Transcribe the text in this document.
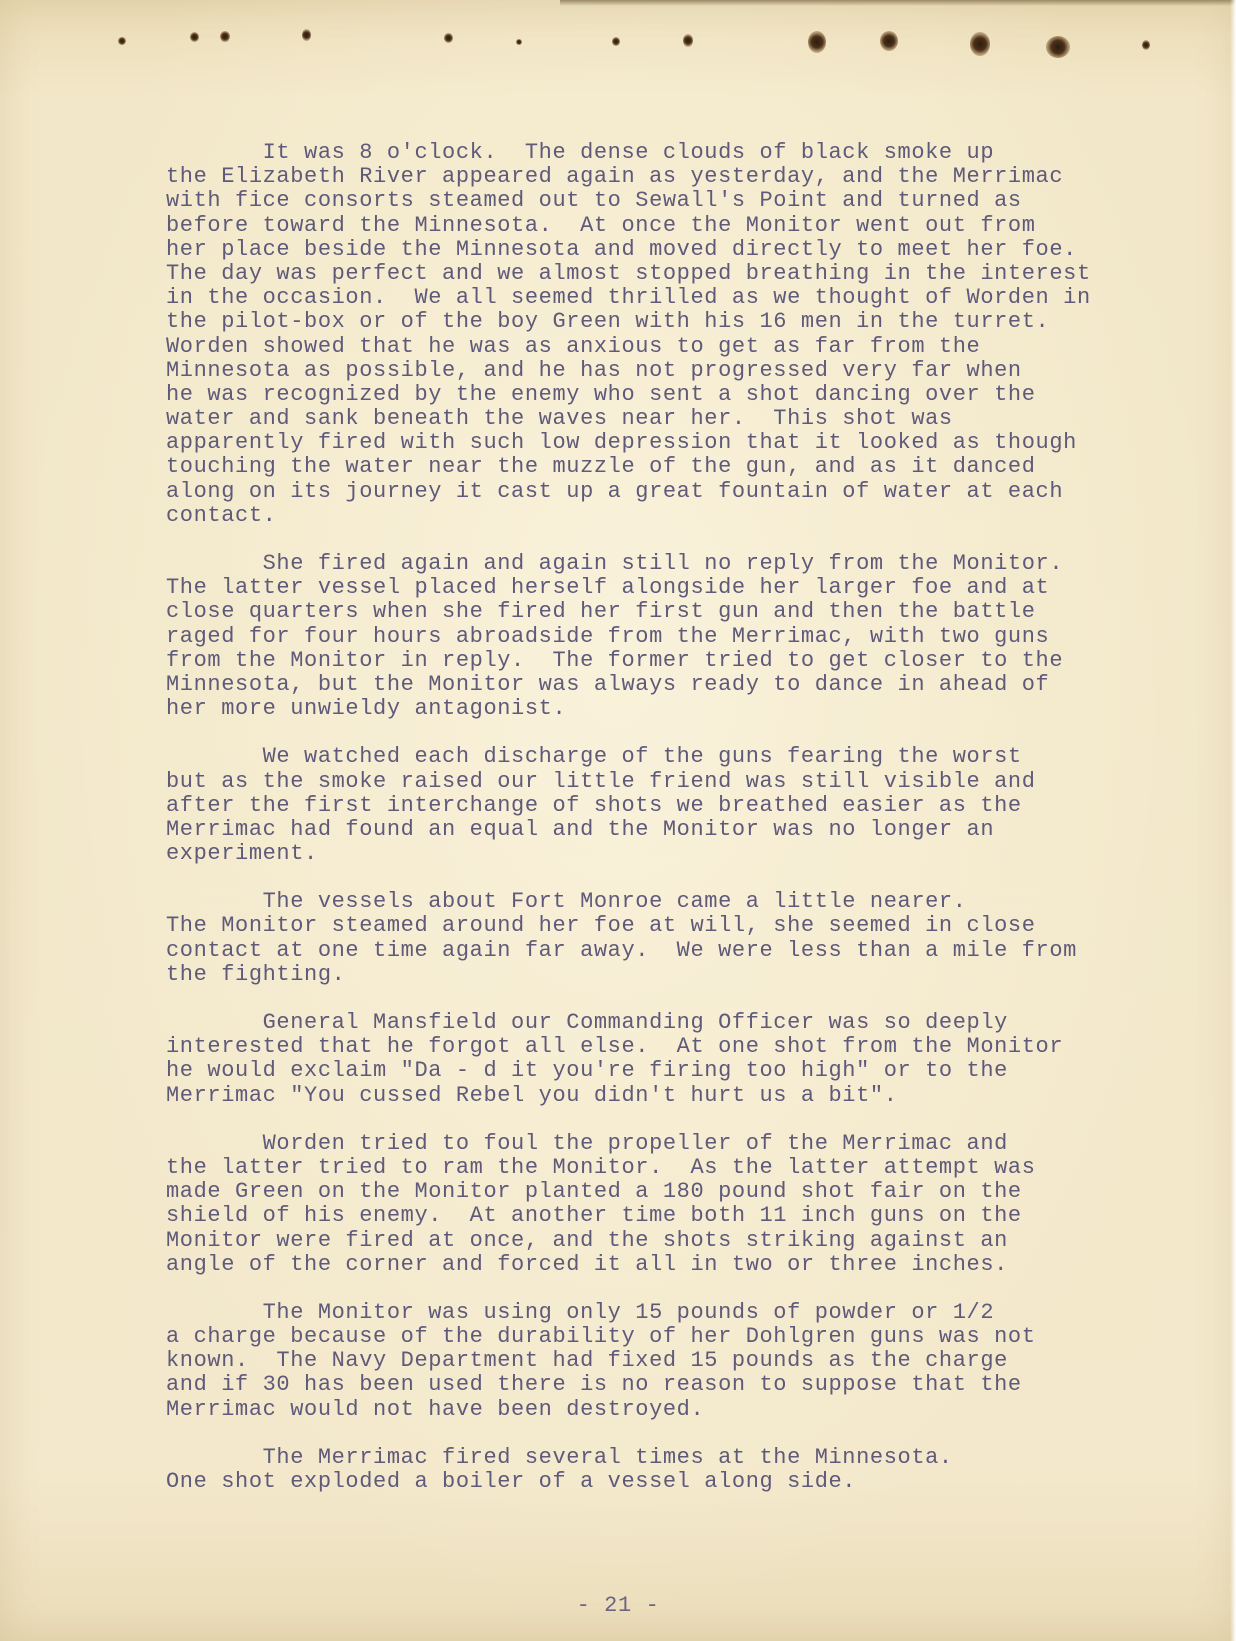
It was 8 o'clock.  The dense clouds of black smoke up
the Elizabeth River appeared again as yesterday, and the Merrimac
with fice consorts steamed out to Sewall's Point and turned as
before toward the Minnesota.  At once the Monitor went out from
her place beside the Minnesota and moved directly to meet her foe.
The day was perfect and we almost stopped breathing in the interest
in the occasion.  We all seemed thrilled as we thought of Worden in
the pilot-box or of the boy Green with his 16 men in the turret.
Worden showed that he was as anxious to get as far from the
Minnesota as possible, and he has not progressed very far when
he was recognized by the enemy who sent a shot dancing over the
water and sank beneath the waves near her.  This shot was
apparently fired with such low depression that it looked as though
touching the water near the muzzle of the gun, and as it danced
along on its journey it cast up a great fountain of water at each
contact.
She fired again and again still no reply from the Monitor.
The latter vessel placed herself alongside her larger foe and at
close quarters when she fired her first gun and then the battle
raged for four hours abroadside from the Merrimac, with two guns
from the Monitor in reply.  The former tried to get closer to the
Minnesota, but the Monitor was always ready to dance in ahead of
her more unwieldy antagonist.
We watched each discharge of the guns fearing the worst
but as the smoke raised our little friend was still visible and
after the first interchange of shots we breathed easier as the
Merrimac had found an equal and the Monitor was no longer an
experiment.
The vessels about Fort Monroe came a little nearer.
The Monitor steamed around her foe at will, she seemed in close
contact at one time again far away.  We were less than a mile from
the fighting.
General Mansfield our Commanding Officer was so deeply
interested that he forgot all else.  At one shot from the Monitor
he would exclaim "Da - d it you're firing too high" or to the
Merrimac "You cussed Rebel you didn't hurt us a bit".
Worden tried to foul the propeller of the Merrimac and
the latter tried to ram the Monitor.  As the latter attempt was
made Green on the Monitor planted a 180 pound shot fair on the
shield of his enemy.  At another time both 11 inch guns on the
Monitor were fired at once, and the shots striking against an
angle of the corner and forced it all in two or three inches.
The Monitor was using only 15 pounds of powder or 1/2
a charge because of the durability of her Dohlgren guns was not
known.  The Navy Department had fixed 15 pounds as the charge
and if 30 has been used there is no reason to suppose that the
Merrimac would not have been destroyed.
The Merrimac fired several times at the Minnesota.
One shot exploded a boiler of a vessel along side.
- 21 -
